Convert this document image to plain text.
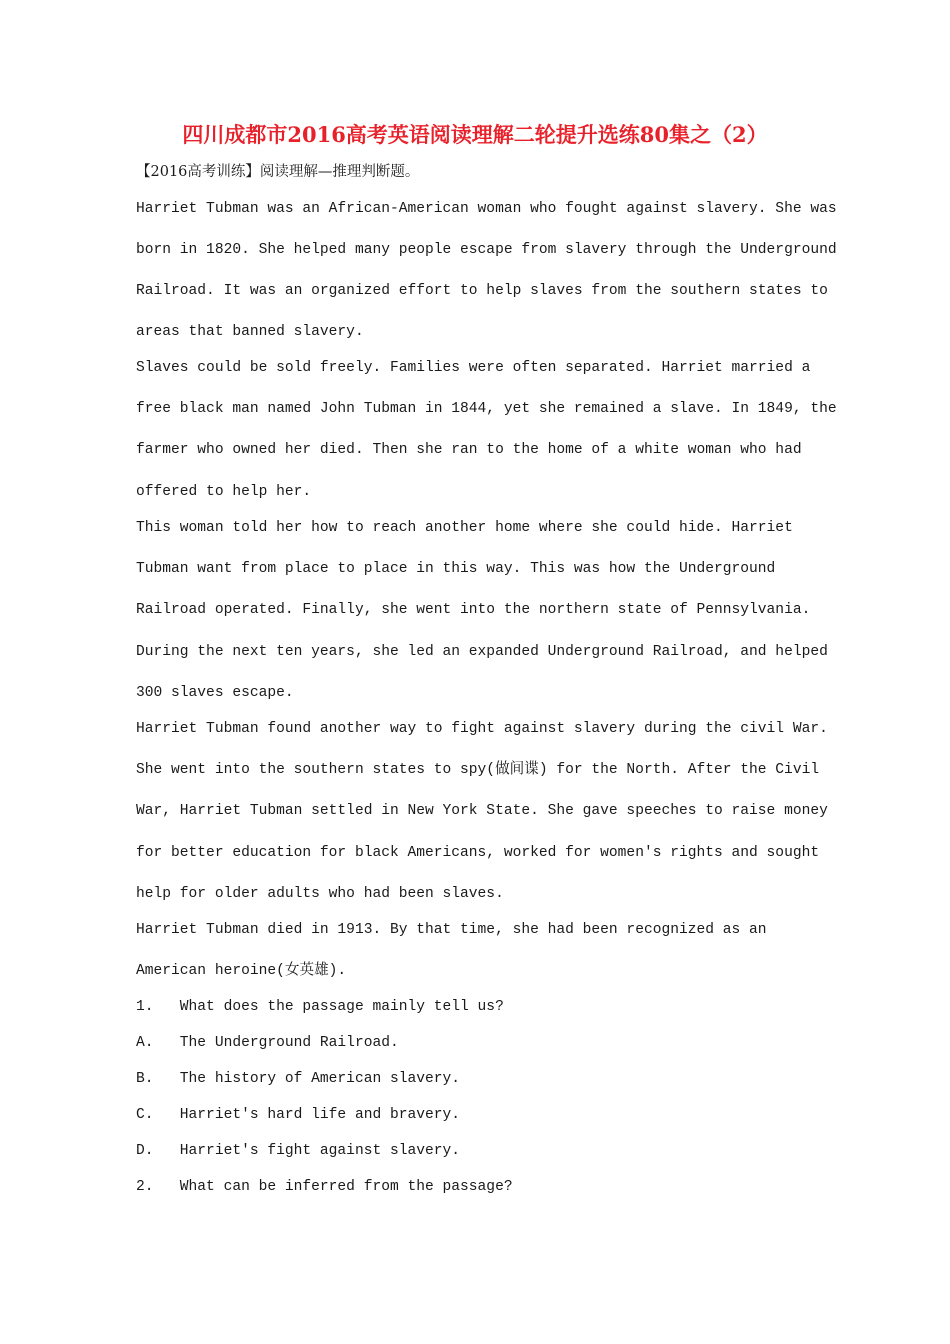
四川成都市2016高考英语阅读理解二轮提升选练80集之（2）
【2016高考训练】阅读理解—推理判断题。
Harriet Tubman was an African-American woman who fought against slavery. She was
born in 1820. She helped many people escape from slavery through the Underground
Railroad. It was an organized effort to help slaves from the southern states to
areas that banned slavery.
Slaves could be sold freely. Families were often separated. Harriet married a
free black man named John Tubman in 1844, yet she remained a slave. In 1849, the
farmer who owned her died. Then she ran to the home of a white woman who had
offered to help her.
This woman told her how to reach another home where she could hide. Harriet
Tubman want from place to place in this way. This was how the Underground
Railroad operated. Finally, she went into the northern state of Pennsylvania.
During the next ten years, she led an expanded Underground Railroad, and helped
300 slaves escape.
Harriet Tubman found another way to fight against slavery during the civil War.
She went into the southern states to spy(做间谍) for the North. After the Civil
War, Harriet Tubman settled in New York State. She gave speeches to raise money
for better education for black Americans, worked for women's rights and sought
help for older adults who had been slaves.
Harriet Tubman died in 1913. By that time, she had been recognized as an
American heroine(女英雄).
1.   What does the passage mainly tell us?
A.   The Underground Railroad.
B.   The history of American slavery.
C.   Harriet's hard life and bravery.
D.   Harriet's fight against slavery.
2.   What can be inferred from the passage?
